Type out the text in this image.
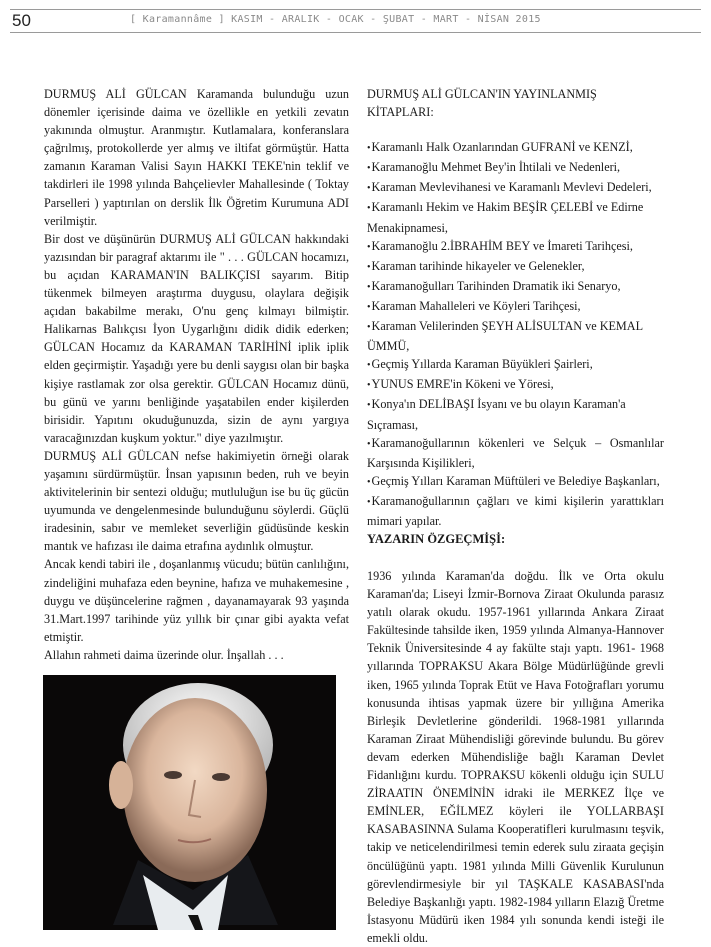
50	[ Karamannâme ] KASIM - ARALIK - OCAK - ŞUBAT - MART - NİSAN 2015

DURMUŞ ALİ GÜLCAN Karamanda bulunduğu uzun dönemler içerisinde daima ve özellikle en yetkili zevatın yakınında olmuştur. Aranmıştır. Kutlamalara, konferanslara çağrılmış, protokollerde yer almış ve iltifat görmüştür. Hatta zamanın Karaman Valisi Sayın HAKKI TEKE'nin teklif ve takdirleri ile 1998 yılında Bahçelievler Mahallesinde ( Toktay Parselleri ) yaptırılan on derslik İlk Öğretim Kurumuna ADI verilmiştir.

Bir dost ve düşünürün DURMUŞ ALİ GÜLCAN hakkındaki yazısından bir paragraf aktarımı ile " . . . GÜLCAN hocamızı, bu açıdan KARAMAN'IN BALIKÇISI sayarım. Bitip tükenmek bilmeyen araştırma duygusu, olaylara değişik açıdan bakabilme merakı, O'nu genç kılmayı bilmiştir. Halikarnas Balıkçısı İyon Uygarlığını didik didik ederken; GÜLCAN Hocamız da KARAMAN TARİHİNİ iplik iplik elden geçirmiştir. Yaşadığı yere bu denli saygısı olan bir başka kişiye rastlamak zor olsa gerektir. GÜLCAN Hocamız dünü, bu günü ve yarını benliğinde yaşatabilen ender kişilerden birisidir. Yapıtını okuduğunuzda, sizin de aynı yargıya varacağınızdan kuşkum yoktur." diye yazılmıştır.

DURMUŞ ALİ GÜLCAN nefse hakimiyetin örneği olarak yaşamını sürdürmüştür. İnsan yapısının beden, ruh ve beyin aktivitelerinin bir sentezi olduğu; mutluluğun ise bu üç gücün uyumunda ve dengelenmesinde bulunduğunu söylerdi. Güçlü iradesinin, sabır ve memleket severliğin güdüsünde keskin mantık ve hafızası ile daima etrafına aydınlık olmuştur.

Ancak kendi tabiri ile , doşanlanmış vücudu; bütün canlılığını, zindeliğini muhafaza eden beynine, hafıza ve muhakemesine , duygu ve düşüncelerine rağmen , dayanamayarak 93 yaşında 31.Mart.1997 tarihinde yüz yıllık bir çınar gibi ayakta vefat etmiştir.

Allahın rahmeti daima üzerinde olur. İnşallah . . .

DURMUŞ ALİ GÜLCAN'IN YAYINLANMIŞ KİTAPLARI:

•Karamanlı Halk Ozanlarından GUFRANİ ve KENZİ,

•Karamanoğlu Mehmet Bey'in İhtilali ve Nedenleri,

•Karaman Mevlevihanesi ve Karamanlı Mevlevi Dedeleri,

•Karamanlı Hekim ve Hakim BEŞİR ÇELEBİ ve Edirne Menakipnamesi,

•Karamanoğlu 2.İBRAHİM BEY ve İmareti Tarihçesi,

•Karaman tarihinde hikayeler ve Gelenekler,

•Karamanoğulları Tarihinden Dramatik iki Senaryo,

•Karaman Mahalleleri ve Köyleri Tarihçesi,

•Karaman Velilerinden ŞEYH ALİSULTAN ve KEMAL ÜMMÜ,

•Geçmiş Yıllarda Karaman Büyükleri Şairleri,

•YUNUS EMRE'in Kökeni ve Yöresi,

•Konya'ın DELİBAŞI İsyanı ve bu olayın Karaman'a Sıçraması,

•Karamanoğullarının kökenleri ve Selçuk – Osmanlılar Karşısında Kişilikleri,

•Geçmiş Yılları Karaman Müftüleri ve Belediye Başkanları,

•Karamanoğullarının çağları ve kimi kişilerin yarattıkları mimari yapılar.

YAZARIN ÖZGEÇMİŞİ:
1936 yılında Karaman'da doğdu. İlk ve Orta okulu Karaman'da; Liseyi İzmir-Bornova Ziraat Okulunda parasız yatılı olarak okudu. 1957-1961 yıllarında Ankara Ziraat Fakültesinde tahsilde iken, 1959 yılında Almanya-Hannover Teknik Üniversitesinde 4 ay fakülte stajı yaptı. 1961- 1968 yıllarında TOPRAKSU Akara Bölge Müdürlüğünde grevli iken, 1965 yılında Toprak Etüt ve Hava Fotoğrafları yorumu konusunda ihtisas yapmak üzere bir yıllığına Amerika Birleşik Devletlerine gönderildi. 1968-1981 yıllarında Karaman Ziraat Mühendisliği görevinde bulundu. Bu görev devam ederken Mühendisliğe bağlı Karaman Devlet Fidanlığını kurdu. TOPRAKSU kökenli olduğu için SULU ZİRAATIN ÖNEMİNİN idraki ile MERKEZ İlçe ve EMİNLER, EĞİLMEZ köyleri ile YOLLARBAŞI KASABASINNA Sulama Kooperatifleri kurulmasını teşvik, takip ve neticelendirilmesi temin ederek sulu ziraata geçişin öncülüğünü yaptı. 1981 yılında Milli Güvenlik Kurulunun görevlendirmesiyle bir yıl TAŞKALE KASABASI'nda Belediye Başkanlığı yaptı. 1982-1984 yılların Elazığ Üretme İstasyonu Müdürü iken 1984 yılı sonunda kendi isteği ile emekli oldu.
